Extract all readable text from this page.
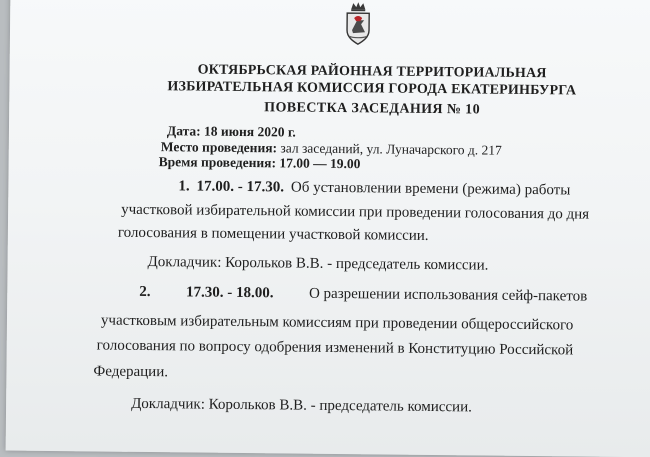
ОКТЯБРЬСКАЯ РАЙОННАЯ ТЕРРИТОРИАЛЬНАЯ
ИЗБИРАТЕЛЬНАЯ КОМИССИЯ ГОРОДА ЕКАТЕРИНБУРГА
ПОВЕСТКА ЗАСЕДАНИЯ № 10
Дата: 18 июня 2020 г.
Место проведения: зал заседаний, ул. Луначарского д. 217
Время проведения: 17.00 — 19.00
1. 17.00. - 17.30. Об установлении времени (режима) работы
участковой избирательной комиссии при проведении голосования до дня
голосования в помещении участковой комиссии.
Докладчик: Корольков В.В. - председатель комиссии.
2. 17.30. - 18.00. О разрешении использования сейф-пакетов
участковым избирательным комиссиям при проведении общероссийского
голосования по вопросу одобрения изменений в Конституцию Российской
Федерации.
Докладчик: Корольков В.В. - председатель комиссии.
